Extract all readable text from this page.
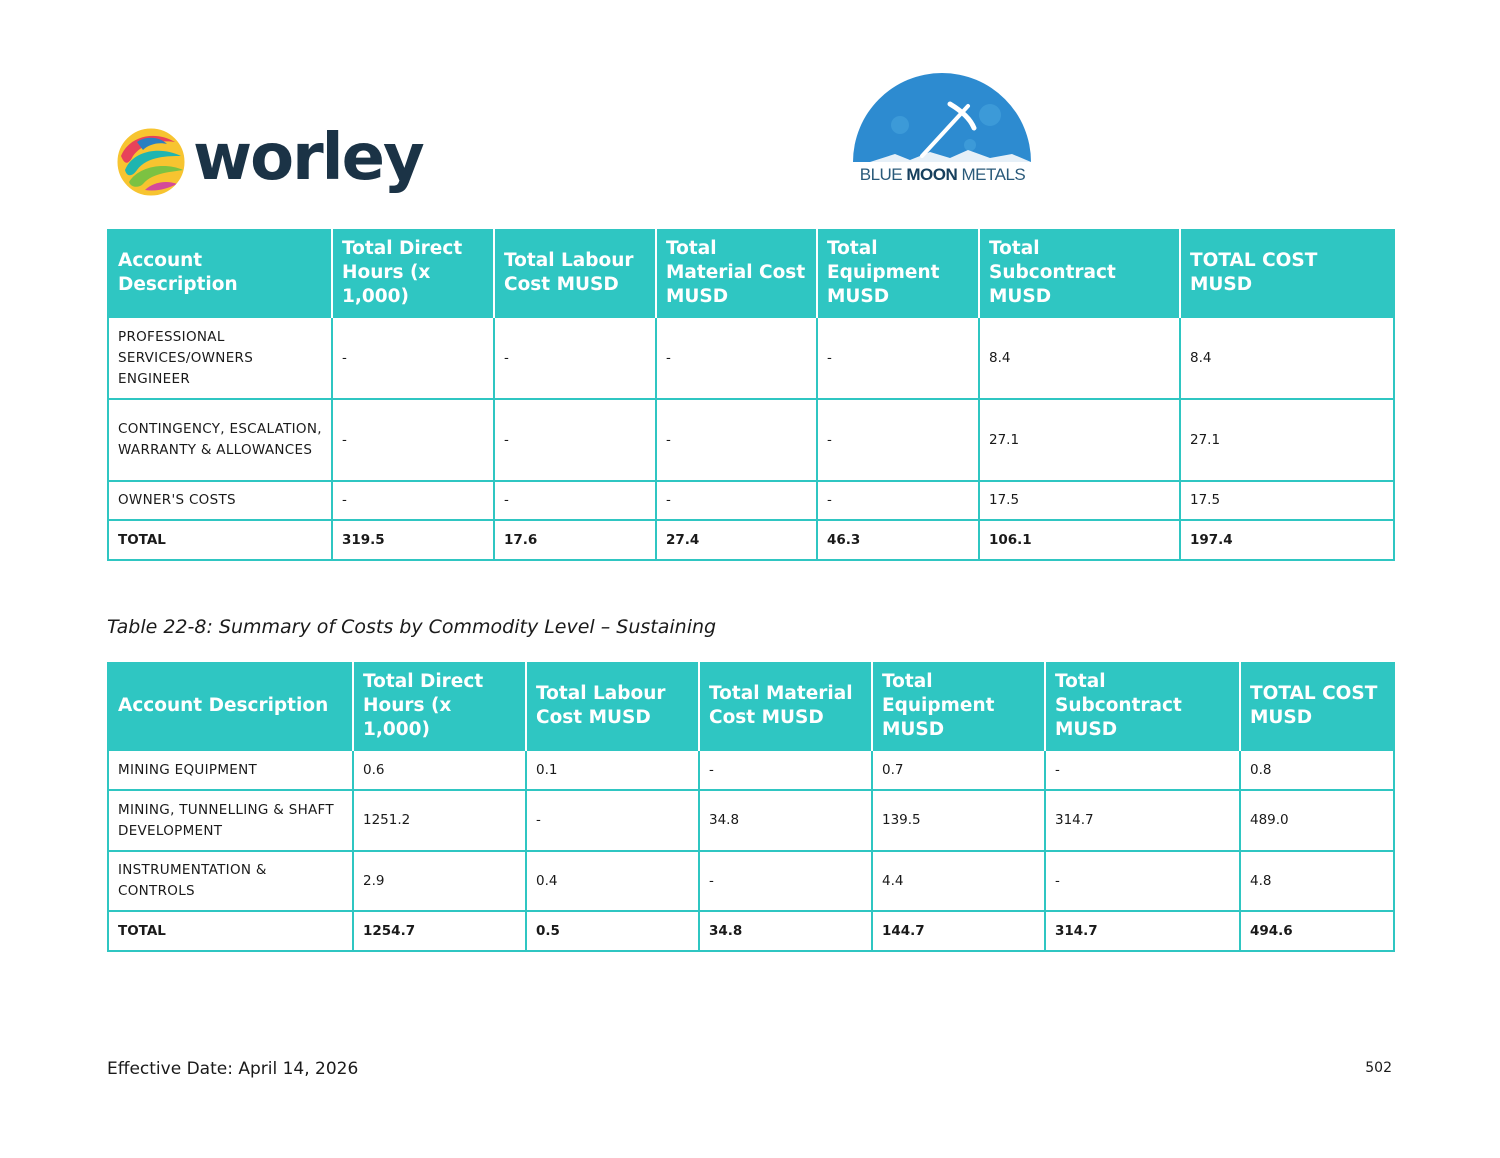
worley	BLUE MOON METALS
Account Description	Total Direct Hours (x 1,000)	Total Labour Cost MUSD	Total Material Cost MUSD	Total Equipment MUSD	Total Subcontract MUSD	TOTAL COST MUSD
PROFESSIONAL SERVICES/OWNERS ENGINEER	-	-	-	-	8.4	8.4
CONTINGENCY, ESCALATION, WARRANTY & ALLOWANCES	-	-	-	-	27.1	27.1
OWNER'S COSTS	-	-	-	-	17.5	17.5
TOTAL	319.5	17.6	27.4	46.3	106.1	197.4
Table 22-8: Summary of Costs by Commodity Level – Sustaining
Account Description	Total Direct Hours (x 1,000)	Total Labour Cost MUSD	Total Material Cost MUSD	Total Equipment MUSD	Total Subcontract MUSD	TOTAL COST MUSD
MINING EQUIPMENT	0.6	0.1	-	0.7	-	0.8
MINING, TUNNELLING & SHAFT DEVELOPMENT	1251.2	-	34.8	139.5	314.7	489.0
INSTRUMENTATION & CONTROLS	2.9	0.4	-	4.4	-	4.8
TOTAL	1254.7	0.5	34.8	144.7	314.7	494.6
Effective Date: April 14, 2026	502
